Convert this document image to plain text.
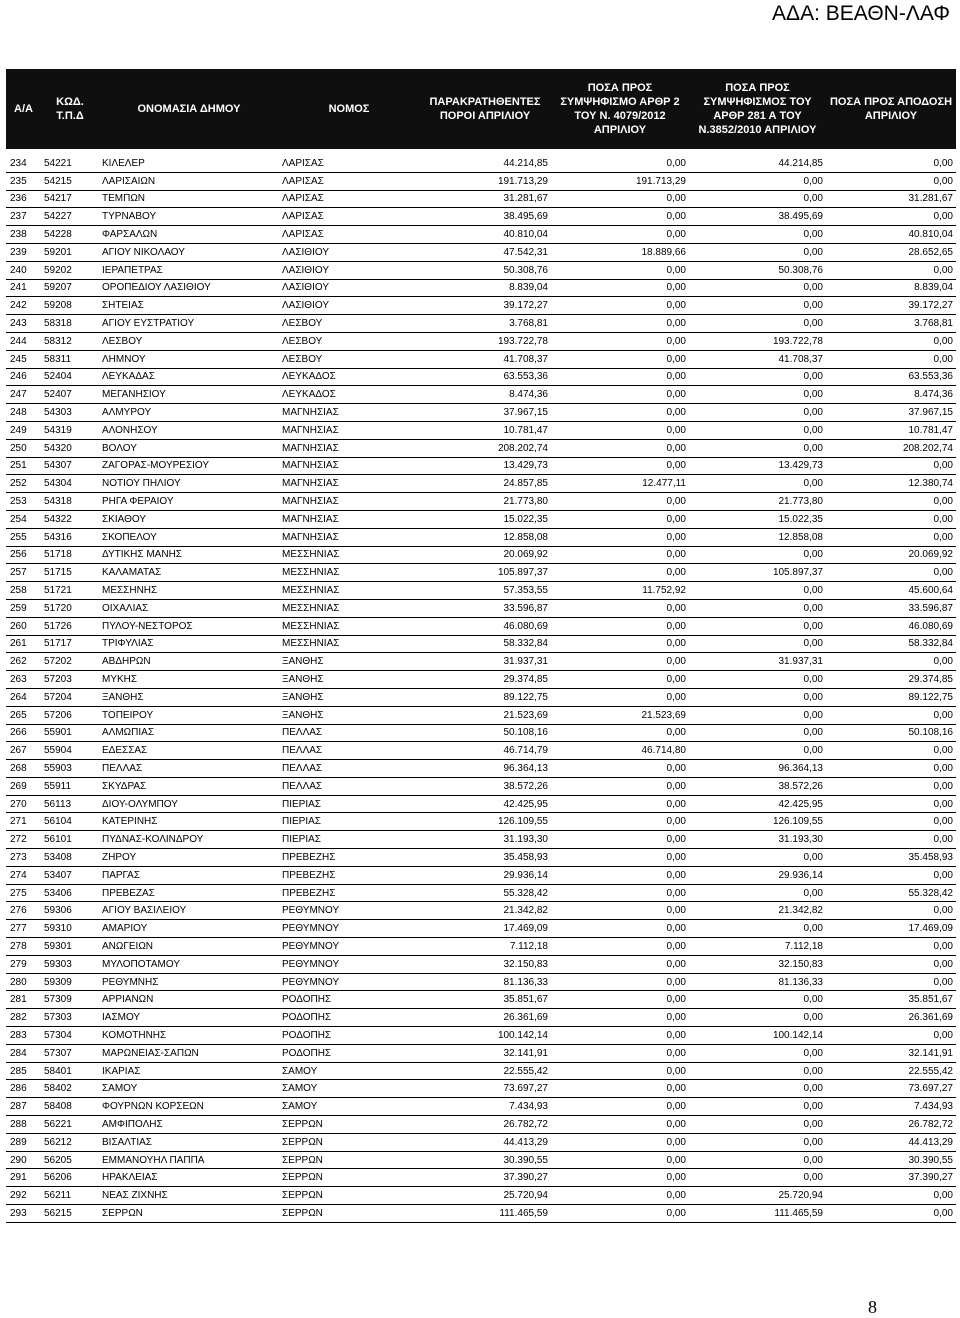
ΑΔΑ: ΒΕΑΘΝ-ΛΑΦ
Α/Α	ΚΩΔ. Τ.Π.Δ	ΟΝΟΜΑΣΙΑ ΔΗΜΟΥ	ΝΟΜΟΣ	ΠΑΡΑΚΡΑΤΗΘΕΝΤΕΣ ΠΟΡΟΙ ΑΠΡΙΛΙΟΥ	ΠΟΣΑ ΠΡΟΣ ΣΥΜΨΗΦΙΣΜΟ ΑΡΘΡ 2 ΤΟΥ Ν. 4079/2012 ΑΠΡΙΛΙΟΥ	ΠΟΣΑ ΠΡΟΣ ΣΥΜΨΗΦΙΣΜΟΣ ΤΟΥ ΑΡΘΡ 281 Α ΤΟΥ Ν.3852/2010 ΑΠΡΙΛΙΟΥ	ΠΟΣΑ ΠΡΟΣ ΑΠΟΔΟΣΗ ΑΠΡΙΛΙΟΥ

234	54221	ΚΙΛΕΛΕΡ	ΛΑΡΙΣΑΣ	44.214,85	0,00	44.214,85	0,00
235	54215	ΛΑΡΙΣΑΙΩΝ	ΛΑΡΙΣΑΣ	191.713,29	191.713,29	0,00	0,00
236	54217	ΤΕΜΠΩΝ	ΛΑΡΙΣΑΣ	31.281,67	0,00	0,00	31.281,67
237	54227	ΤΥΡΝΑΒΟΥ	ΛΑΡΙΣΑΣ	38.495,69	0,00	38.495,69	0,00
238	54228	ΦΑΡΣΑΛΩΝ	ΛΑΡΙΣΑΣ	40.810,04	0,00	0,00	40.810,04
239	59201	ΑΓΙΟΥ ΝΙΚΟΛΑΟΥ	ΛΑΣΙΘΙΟΥ	47.542,31	18.889,66	0,00	28.652,65
240	59202	ΙΕΡΑΠΕΤΡΑΣ	ΛΑΣΙΘΙΟΥ	50.308,76	0,00	50.308,76	0,00
241	59207	ΟΡΟΠΕΔΙΟΥ ΛΑΣΙΘΙΟΥ	ΛΑΣΙΘΙΟΥ	8.839,04	0,00	0,00	8.839,04
242	59208	ΣΗΤΕΙΑΣ	ΛΑΣΙΘΙΟΥ	39.172,27	0,00	0,00	39.172,27
243	58318	ΑΓΙΟΥ ΕΥΣΤΡΑΤΙΟΥ	ΛΕΣΒΟΥ	3.768,81	0,00	0,00	3.768,81
244	58312	ΛΕΣΒΟΥ	ΛΕΣΒΟΥ	193.722,78	0,00	193.722,78	0,00
245	58311	ΛΗΜΝΟΥ	ΛΕΣΒΟΥ	41.708,37	0,00	41.708,37	0,00
246	52404	ΛΕΥΚΑΔΑΣ	ΛΕΥΚΑΔΟΣ	63.553,36	0,00	0,00	63.553,36
247	52407	ΜΕΓΑΝΗΣΙΟΥ	ΛΕΥΚΑΔΟΣ	8.474,36	0,00	0,00	8.474,36
248	54303	ΑΛΜΥΡΟΥ	ΜΑΓΝΗΣΙΑΣ	37.967,15	0,00	0,00	37.967,15
249	54319	ΑΛΟΝΗΣΟΥ	ΜΑΓΝΗΣΙΑΣ	10.781,47	0,00	0,00	10.781,47
250	54320	ΒΟΛΟΥ	ΜΑΓΝΗΣΙΑΣ	208.202,74	0,00	0,00	208.202,74
251	54307	ΖΑΓΟΡΑΣ-ΜΟΥΡΕΣΙΟΥ	ΜΑΓΝΗΣΙΑΣ	13.429,73	0,00	13.429,73	0,00
252	54304	ΝΟΤΙΟΥ ΠΗΛΙΟΥ	ΜΑΓΝΗΣΙΑΣ	24.857,85	12.477,11	0,00	12.380,74
253	54318	ΡΗΓΑ ΦΕΡΑΙΟΥ	ΜΑΓΝΗΣΙΑΣ	21.773,80	0,00	21.773,80	0,00
254	54322	ΣΚΙΑΘΟΥ	ΜΑΓΝΗΣΙΑΣ	15.022,35	0,00	15.022,35	0,00
255	54316	ΣΚΟΠΕΛΟΥ	ΜΑΓΝΗΣΙΑΣ	12.858,08	0,00	12.858,08	0,00
256	51718	ΔΥΤΙΚΗΣ ΜΑΝΗΣ	ΜΕΣΣΗΝΙΑΣ	20.069,92	0,00	0,00	20.069,92
257	51715	ΚΑΛΑΜΑΤΑΣ	ΜΕΣΣΗΝΙΑΣ	105.897,37	0,00	105.897,37	0,00
258	51721	ΜΕΣΣΗΝΗΣ	ΜΕΣΣΗΝΙΑΣ	57.353,55	11.752,92	0,00	45.600,64
259	51720	ΟΙΧΑΛΙΑΣ	ΜΕΣΣΗΝΙΑΣ	33.596,87	0,00	0,00	33.596,87
260	51726	ΠΥΛΟΥ-ΝΕΣΤΟΡΟΣ	ΜΕΣΣΗΝΙΑΣ	46.080,69	0,00	0,00	46.080,69
261	51717	ΤΡΙΦΥΛΙΑΣ	ΜΕΣΣΗΝΙΑΣ	58.332,84	0,00	0,00	58.332,84
262	57202	ΑΒΔΗΡΩΝ	ΞΑΝΘΗΣ	31.937,31	0,00	31.937,31	0,00
263	57203	ΜΥΚΗΣ	ΞΑΝΘΗΣ	29.374,85	0,00	0,00	29.374,85
264	57204	ΞΑΝΘΗΣ	ΞΑΝΘΗΣ	89.122,75	0,00	0,00	89.122,75
265	57206	ΤΟΠΕΙΡΟΥ	ΞΑΝΘΗΣ	21.523,69	21.523,69	0,00	0,00
266	55901	ΑΛΜΩΠΙΑΣ	ΠΕΛΛΑΣ	50.108,16	0,00	0,00	50.108,16
267	55904	ΕΔΕΣΣΑΣ	ΠΕΛΛΑΣ	46.714,79	46.714,80	0,00	0,00
268	55903	ΠΕΛΛΑΣ	ΠΕΛΛΑΣ	96.364,13	0,00	96.364,13	0,00
269	55911	ΣΚΥΔΡΑΣ	ΠΕΛΛΑΣ	38.572,26	0,00	38.572,26	0,00
270	56113	ΔΙΟΥ-ΟΛΥΜΠΟΥ	ΠΙΕΡΙΑΣ	42.425,95	0,00	42.425,95	0,00
271	56104	ΚΑΤΕΡΙΝΗΣ	ΠΙΕΡΙΑΣ	126.109,55	0,00	126.109,55	0,00
272	56101	ΠΥΔΝΑΣ-ΚΟΛΙΝΔΡΟΥ	ΠΙΕΡΙΑΣ	31.193,30	0,00	31.193,30	0,00
273	53408	ΖΗΡΟΥ	ΠΡΕΒΕΖΗΣ	35.458,93	0,00	0,00	35.458,93
274	53407	ΠΑΡΓΑΣ	ΠΡΕΒΕΖΗΣ	29.936,14	0,00	29.936,14	0,00
275	53406	ΠΡΕΒΕΖΑΣ	ΠΡΕΒΕΖΗΣ	55.328,42	0,00	0,00	55.328,42
276	59306	ΑΓΙΟΥ ΒΑΣΙΛΕΙΟΥ	ΡΕΘΥΜΝΟΥ	21.342,82	0,00	21.342,82	0,00
277	59310	ΑΜΑΡΙΟΥ	ΡΕΘΥΜΝΟΥ	17.469,09	0,00	0,00	17.469,09
278	59301	ΑΝΩΓΕΙΩΝ	ΡΕΘΥΜΝΟΥ	7.112,18	0,00	7.112,18	0,00
279	59303	ΜΥΛΟΠΟΤΑΜΟΥ	ΡΕΘΥΜΝΟΥ	32.150,83	0,00	32.150,83	0,00
280	59309	ΡΕΘΥΜΝΗΣ	ΡΕΘΥΜΝΟΥ	81.136,33	0,00	81.136,33	0,00
281	57309	ΑΡΡΙΑΝΩΝ	ΡΟΔΟΠΗΣ	35.851,67	0,00	0,00	35.851,67
282	57303	ΙΑΣΜΟΥ	ΡΟΔΟΠΗΣ	26.361,69	0,00	0,00	26.361,69
283	57304	ΚΟΜΟΤΗΝΗΣ	ΡΟΔΟΠΗΣ	100.142,14	0,00	100.142,14	0,00
284	57307	ΜΑΡΩΝΕΙΑΣ-ΣΑΠΩΝ	ΡΟΔΟΠΗΣ	32.141,91	0,00	0,00	32.141,91
285	58401	ΙΚΑΡΙΑΣ	ΣΑΜΟΥ	22.555,42	0,00	0,00	22.555,42
286	58402	ΣΑΜΟΥ	ΣΑΜΟΥ	73.697,27	0,00	0,00	73.697,27
287	58408	ΦΟΥΡΝΩΝ ΚΟΡΣΕΩΝ	ΣΑΜΟΥ	7.434,93	0,00	0,00	7.434,93
288	56221	ΑΜΦΙΠΟΛΗΣ	ΣΕΡΡΩΝ	26.782,72	0,00	0,00	26.782,72
289	56212	ΒΙΣΑΛΤΙΑΣ	ΣΕΡΡΩΝ	44.413,29	0,00	0,00	44.413,29
290	56205	ΕΜΜΑΝΟΥΗΛ ΠΑΠΠΑ	ΣΕΡΡΩΝ	30.390,55	0,00	0,00	30.390,55
291	56206	ΗΡΑΚΛΕΙΑΣ	ΣΕΡΡΩΝ	37.390,27	0,00	0,00	37.390,27
292	56211	ΝΕΑΣ ΖΙΧΝΗΣ	ΣΕΡΡΩΝ	25.720,94	0,00	25.720,94	0,00
293	56215	ΣΕΡΡΩΝ	ΣΕΡΡΩΝ	111.465,59	0,00	111.465,59	0,00
8
